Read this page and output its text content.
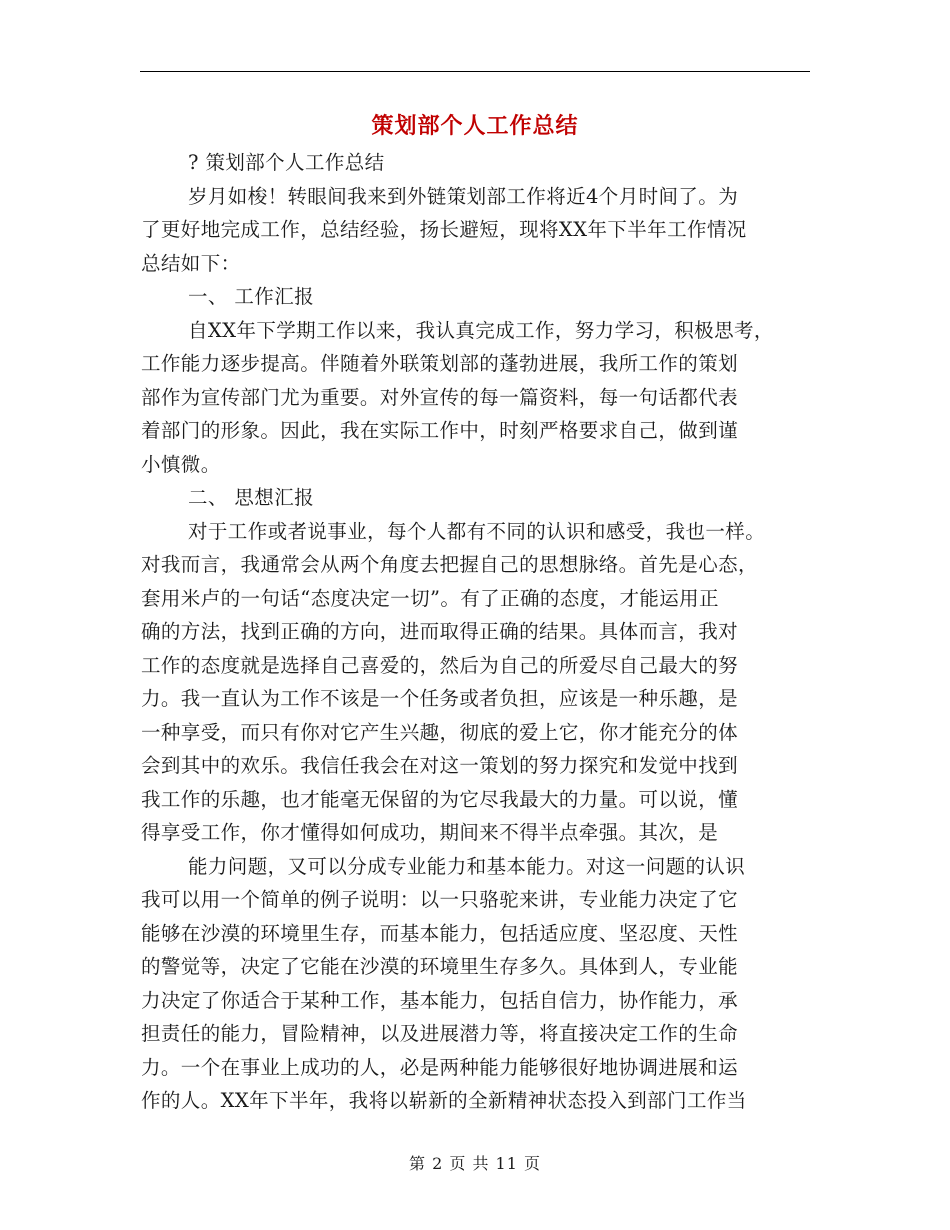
策划部个人工作总结

? 策划部个人工作总结

岁月如梭！转眼间我来到外链策划部工作将近4个月时间了。为
了更好地完成工作，总结经验，扬长避短，现将XX年下半年工作情况
总结如下：

一、 工作汇报

自XX年下学期工作以来，我认真完成工作，努力学习，积极思考，
工作能力逐步提高。伴随着外联策划部的蓬勃进展，我所工作的策划
部作为宣传部门尤为重要。对外宣传的每一篇资料，每一句话都代表
着部门的形象。因此，我在实际工作中，时刻严格要求自己，做到谨
小慎微。

二、 思想汇报

对于工作或者说事业，每个人都有不同的认识和感受，我也一样。
对我而言，我通常会从两个角度去把握自己的思想脉络。首先是心态，
套用米卢的一句话“态度决定一切”。有了正确的态度，才能运用正
确的方法，找到正确的方向，进而取得正确的结果。具体而言，我对
工作的态度就是选择自己喜爱的，然后为自己的所爱尽自己最大的努
力。我一直认为工作不该是一个任务或者负担，应该是一种乐趣，是
一种享受，而只有你对它产生兴趣，彻底的爱上它，你才能充分的体
会到其中的欢乐。我信任我会在对这一策划的努力探究和发觉中找到
我工作的乐趣，也才能毫无保留的为它尽我最大的力量。可以说，懂
得享受工作，你才懂得如何成功，期间来不得半点牵强。其次，是

能力问题，又可以分成专业能力和基本能力。对这一问题的认识
我可以用一个简单的例子说明：以一只骆驼来讲，专业能力决定了它
能够在沙漠的环境里生存，而基本能力，包括适应度、坚忍度、天性
的警觉等，决定了它能在沙漠的环境里生存多久。具体到人，专业能
力决定了你适合于某种工作，基本能力，包括自信力，协作能力，承
担责任的能力，冒险精神，以及进展潜力等，将直接决定工作的生命
力。一个在事业上成功的人，必是两种能力能够很好地协调进展和运
作的人。XX年下半年，我将以崭新的全新精神状态投入到部门工作当

第 2 页 共 11 页
